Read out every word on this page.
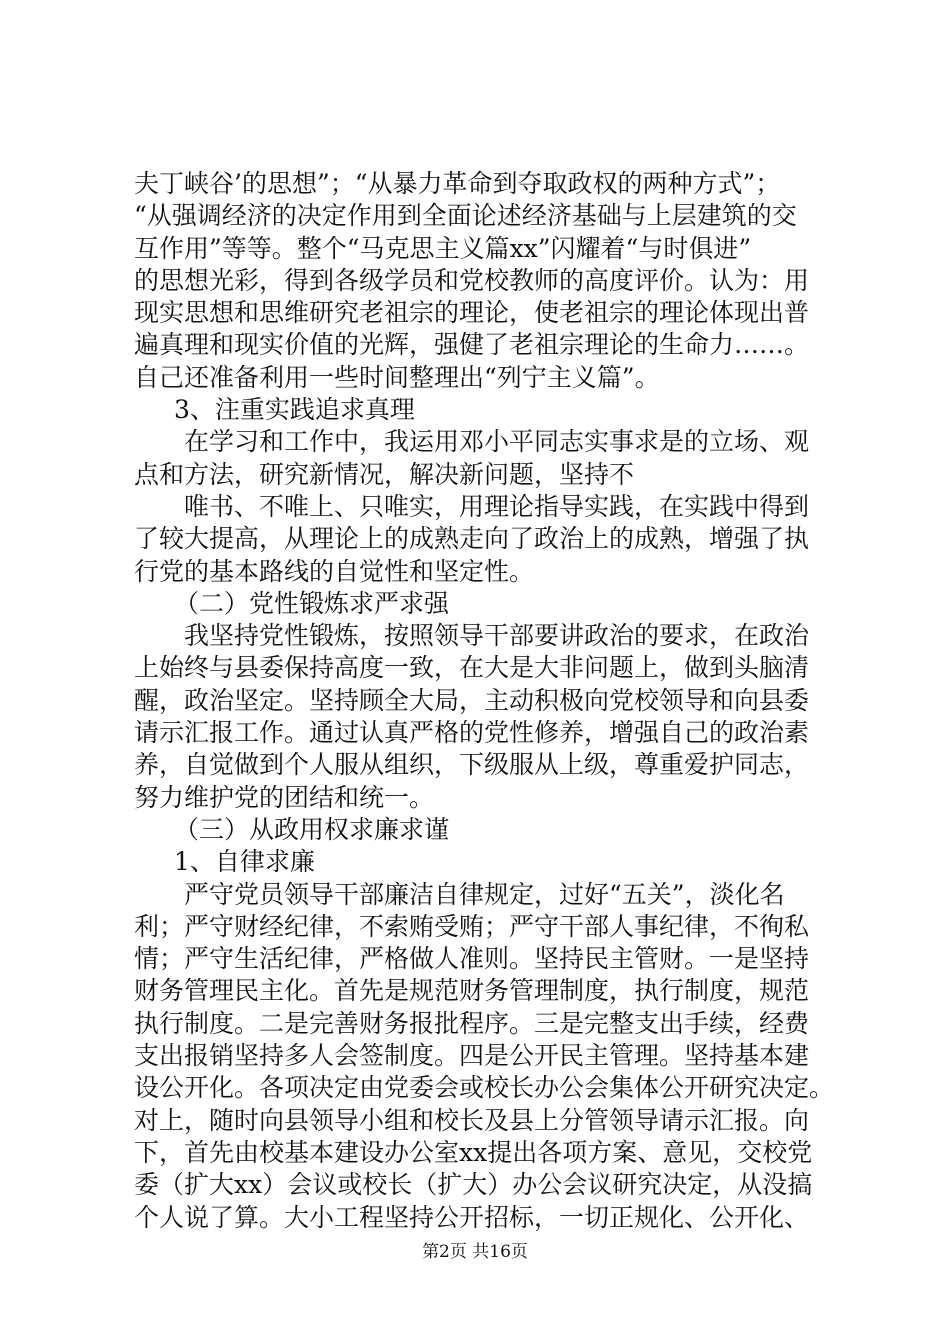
夫丁峡谷’的思想”；“从暴力革命到夺取政权的两种方式”；
“从强调经济的决定作用到全面论述经济基础与上层建筑的交
互作用”等等。整个“马克思主义篇xx”闪耀着“与时俱进”
的思想光彩，得到各级学员和党校教师的高度评价。认为：用
现实思想和思维研究老祖宗的理论，使老祖宗的理论体现出普
遍真理和现实价值的光辉，强健了老祖宗理论的生命力……。
自己还准备利用一些时间整理出“列宁主义篇”。
3、注重实践追求真理
在学习和工作中，我运用邓小平同志实事求是的立场、观
点和方法，研究新情况，解决新问题，坚持不
唯书、不唯上、只唯实，用理论指导实践，在实践中得到
了较大提高，从理论上的成熟走向了政治上的成熟，增强了执
行党的基本路线的自觉性和坚定性。
（二）党性锻炼求严求强
我坚持党性锻炼，按照领导干部要讲政治的要求，在政治
上始终与县委保持高度一致，在大是大非问题上，做到头脑清
醒，政治坚定。坚持顾全大局，主动积极向党校领导和向县委
请示汇报工作。通过认真严格的党性修养，增强自己的政治素
养，自觉做到个人服从组织，下级服从上级，尊重爱护同志，
努力维护党的团结和统一。
（三）从政用权求廉求谨
1、自律求廉
严守党员领导干部廉洁自律规定，过好“五关”，淡化名
利；严守财经纪律，不索贿受贿；严守干部人事纪律，不徇私
情；严守生活纪律，严格做人准则。坚持民主管财。一是坚持
财务管理民主化。首先是规范财务管理制度，执行制度，规范
执行制度。二是完善财务报批程序。三是完整支出手续，经费
支出报销坚持多人会签制度。四是公开民主管理。坚持基本建
设公开化。各项决定由党委会或校长办公会集体公开研究决定。
对上，随时向县领导小组和校长及县上分管领导请示汇报。向
下，首先由校基本建设办公室xx提出各项方案、意见，交校党
委（扩大xx）会议或校长（扩大）办公会议研究决定，从没搞
个人说了算。大小工程坚持公开招标，一切正规化、公开化、
第2页 共16页
